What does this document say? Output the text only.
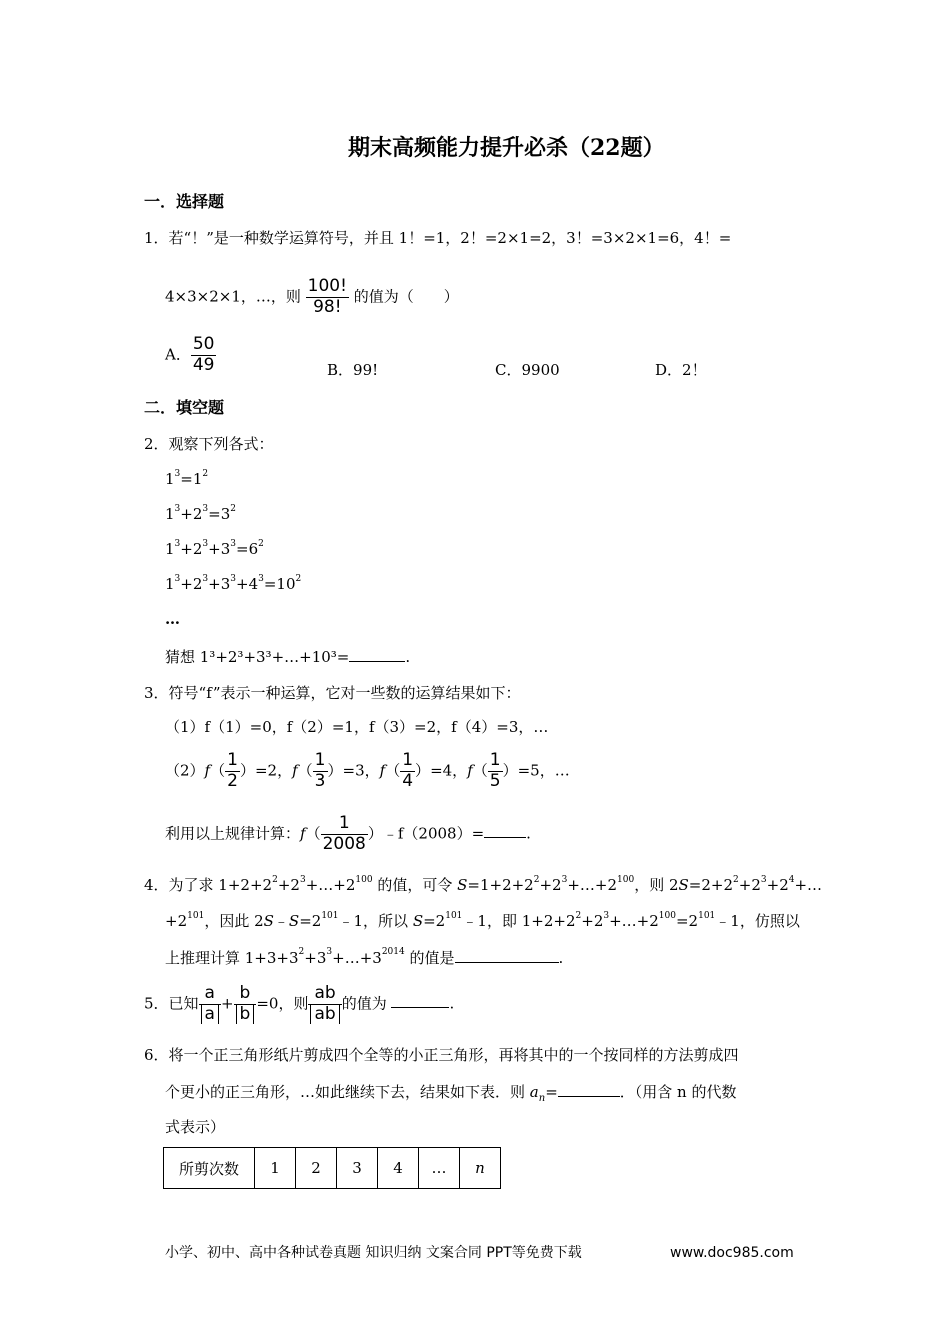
期末高频能力提升必杀（22题）
一．选择题
1．若“！”是一种数学运算符号，并且 1！=1，2！=2×1=2，3！=3×2×1=6，4！=
4×3×2×1，…，则 $\frac{100!}{98!}$ 的值为（　　）
A． $\frac{50}{49}$	B．99!	C．9900	D．2！
二．填空题
2．观察下列各式：
$1^3=1^2$
$1^3+2^3=3^2$
$1^3+2^3+3^3=6^2$
$1^3+2^3+3^3+4^3=10^2$
…
猜想 1³+2³+3³+…+10³=	.
3．符号“f”表示一种运算，它对一些数的运算结果如下：
（1）f（1）=0，f（2）=1，f（3）=2，f（4）=3，…
$(2)f( \frac{1}{2} )=2$，$f( \frac{1}{3} )=3$，$f( \frac{1}{4} )=4$，$f( \frac{1}{5} )=5$，…
利用以上规律计算：$f( \frac{1}{2008}$ ）﹣f（2008）=	.
4．为了求 $1+2+2^2+2^3+\dots+2^{100}$ 的值，可令 $S=1+2+2^2+2^3+\dots+2^{100}$，则 $2S=2+2^2+2^3+2^4+\dots$
$+2^{101}$，因此 $2S﹣S=2^{101}﹣1$，所以 $S=2^{101}﹣1$，即 $1+2+2^2+2^3+\dots+2^{100}=2^{101}﹣1$，仿照以
上推理计算 $1+3+3^2+3^3+\dots+3^{2014}$ 的值是	.
5．已知 $\frac{a}{a} + \frac{b}{b} =0$，则 $\frac{ab}{ab}$ 的值为	.
6．将一个正三角形纸片剪成四个全等的小正三角形，再将其中的一个按同样的方法剪成四
个更小的正三角形，…如此继续下去，结果如下表．则 $a_n=$	．（用含 n 的代数
式表示）
所剪次数	1	2	3	4	…	n
小学、初中、高中各种试卷真题 知识归纳 文案合同 PPT等免费下载	www.doc985.com
